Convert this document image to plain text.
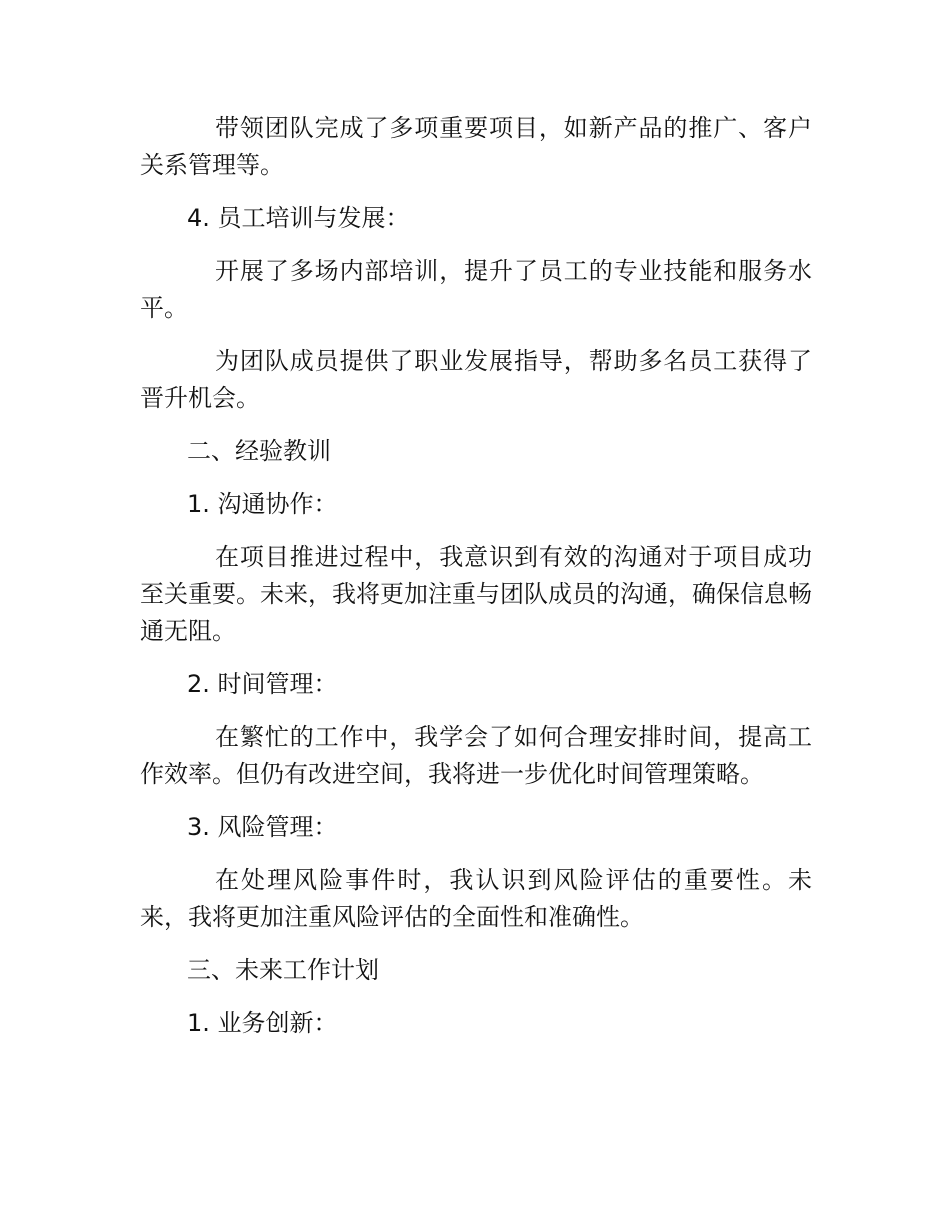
带领团队完成了多项重要项目，如新产品的推广、客户关系管理等。

4. 员工培训与发展：

开展了多场内部培训，提升了员工的专业技能和服务水平。

为团队成员提供了职业发展指导，帮助多名员工获得了晋升机会。

二、经验教训

1. 沟通协作：

在项目推进过程中，我意识到有效的沟通对于项目成功至关重要。未来，我将更加注重与团队成员的沟通，确保信息畅通无阻。

2. 时间管理：

在繁忙的工作中，我学会了如何合理安排时间，提高工作效率。但仍有改进空间，我将进一步优化时间管理策略。

3. 风险管理：

在处理风险事件时，我认识到风险评估的重要性。未来，我将更加注重风险评估的全面性和准确性。

三、未来工作计划

1. 业务创新：
